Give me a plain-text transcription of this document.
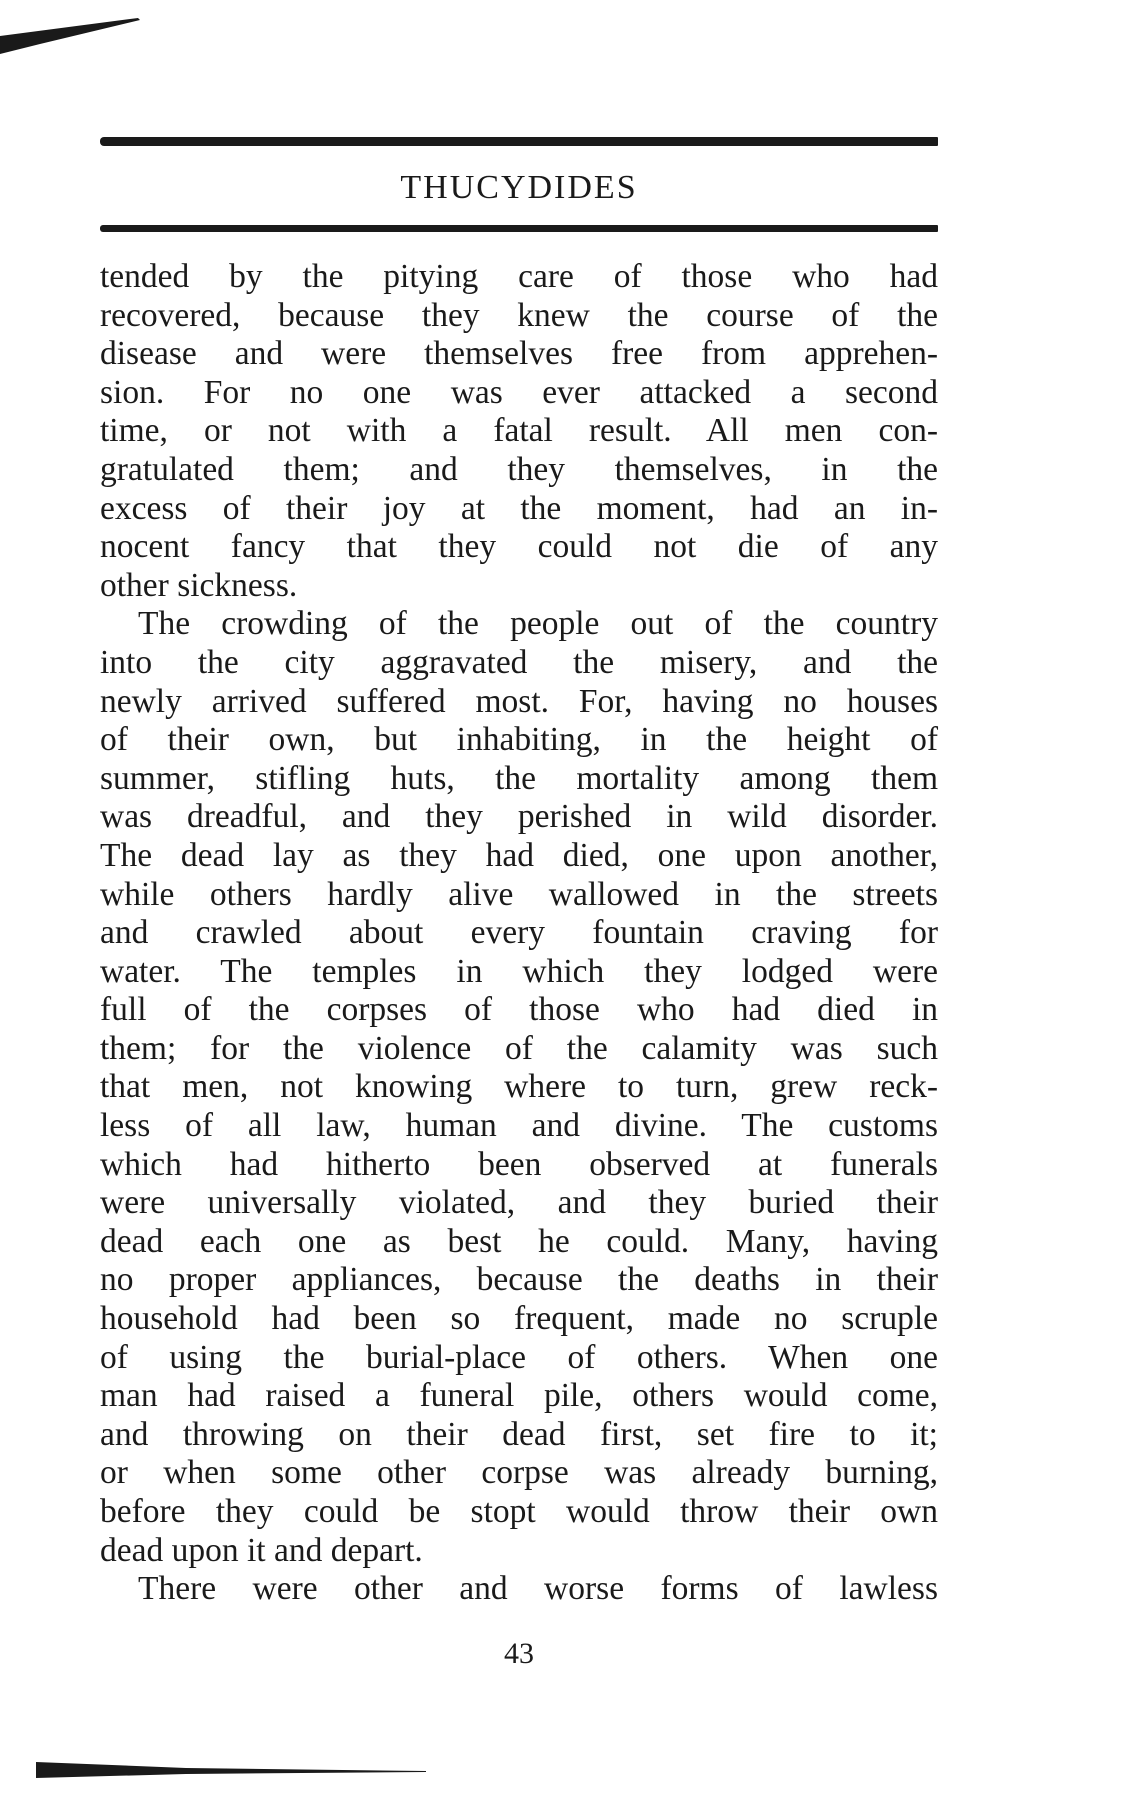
THUCYDIDES
tended by the pitying care of those who had
recovered, because they knew the course of the
disease and were themselves free from apprehen-
sion. For no one was ever attacked a second
time, or not with a fatal result. All men con-
gratulated them; and they themselves, in the
excess of their joy at the moment, had an in-
nocent fancy that they could not die of any
other sickness.
The crowding of the people out of the country
into the city aggravated the misery, and the
newly arrived suffered most. For, having no houses
of their own, but inhabiting, in the height of
summer, stifling huts, the mortality among them
was dreadful, and they perished in wild disorder.
The dead lay as they had died, one upon another,
while others hardly alive wallowed in the streets
and crawled about every fountain craving for
water. The temples in which they lodged were
full of the corpses of those who had died in
them; for the violence of the calamity was such
that men, not knowing where to turn, grew reck-
less of all law, human and divine. The customs
which had hitherto been observed at funerals
were universally violated, and they buried their
dead each one as best he could. Many, having
no proper appliances, because the deaths in their
household had been so frequent, made no scruple
of using the burial-place of others. When one
man had raised a funeral pile, others would come,
and throwing on their dead first, set fire to it;
or when some other corpse was already burning,
before they could be stopt would throw their own
dead upon it and depart.
There were other and worse forms of lawless
43
